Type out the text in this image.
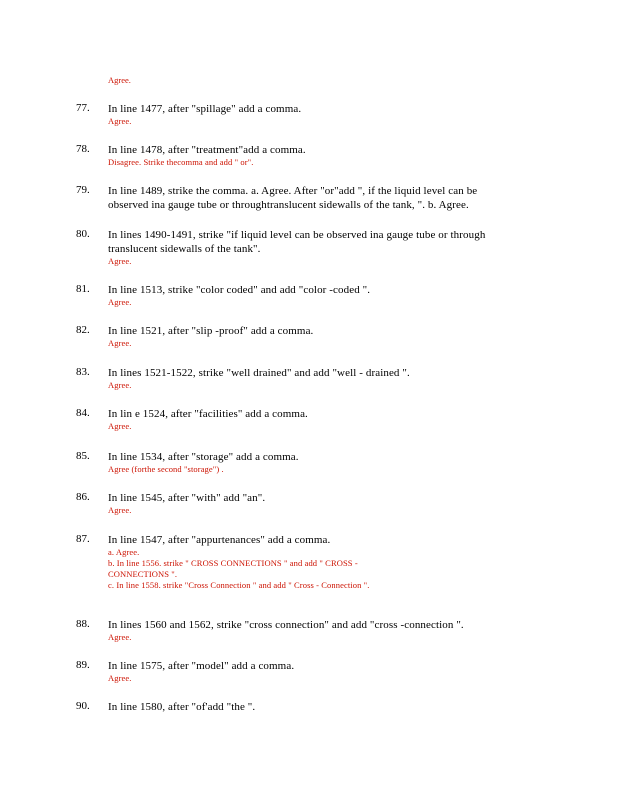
Agree.
77. In line 1477, after "spillage" add a comma.
Agree.
78. In line 1478, after "treatment"add a comma.
Disagree. Strike thecomma and add " or".
79. In line 1489, strike the comma. a. Agree. After "or"add ", if the liquid level can be
observed ina gauge tube or throughtranslucent sidewalls of the tank, ". b. Agree.
80. In lines 1490-1491, strike "if liquid level can be observed ina gauge tube or through
translucent sidewalls of the tank".
Agree.
81. In line 1513, strike "color coded" and add "color -coded ".
Agree.
82. In line 1521, after "slip -proof" add a comma.
Agree.
83. In lines 1521-1522, strike "well drained" and add "well - drained ".
Agree.
84. In lin e 1524, after "facilities" add a comma.
Agree.
85. In line 1534, after "storage" add a comma.
Agree (forthe second "storage") .
86. In line 1545, after "with" add "an".
Agree.
87. In line 1547, after "appurtenances" add a comma.
a. Agree.
b. In line 1556. strike " CROSS CONNECTIONS " and add " CROSS -
CONNECTIONS ".
c. In line 1558. strike "Cross Connection " and add " Cross - Connection ".
88. In lines 1560 and 1562, strike "cross connection" and add "cross -connection ".
Agree.
89. In line 1575, after "model" add a comma.
Agree.
90. In line 1580, after "of'add "the ".
